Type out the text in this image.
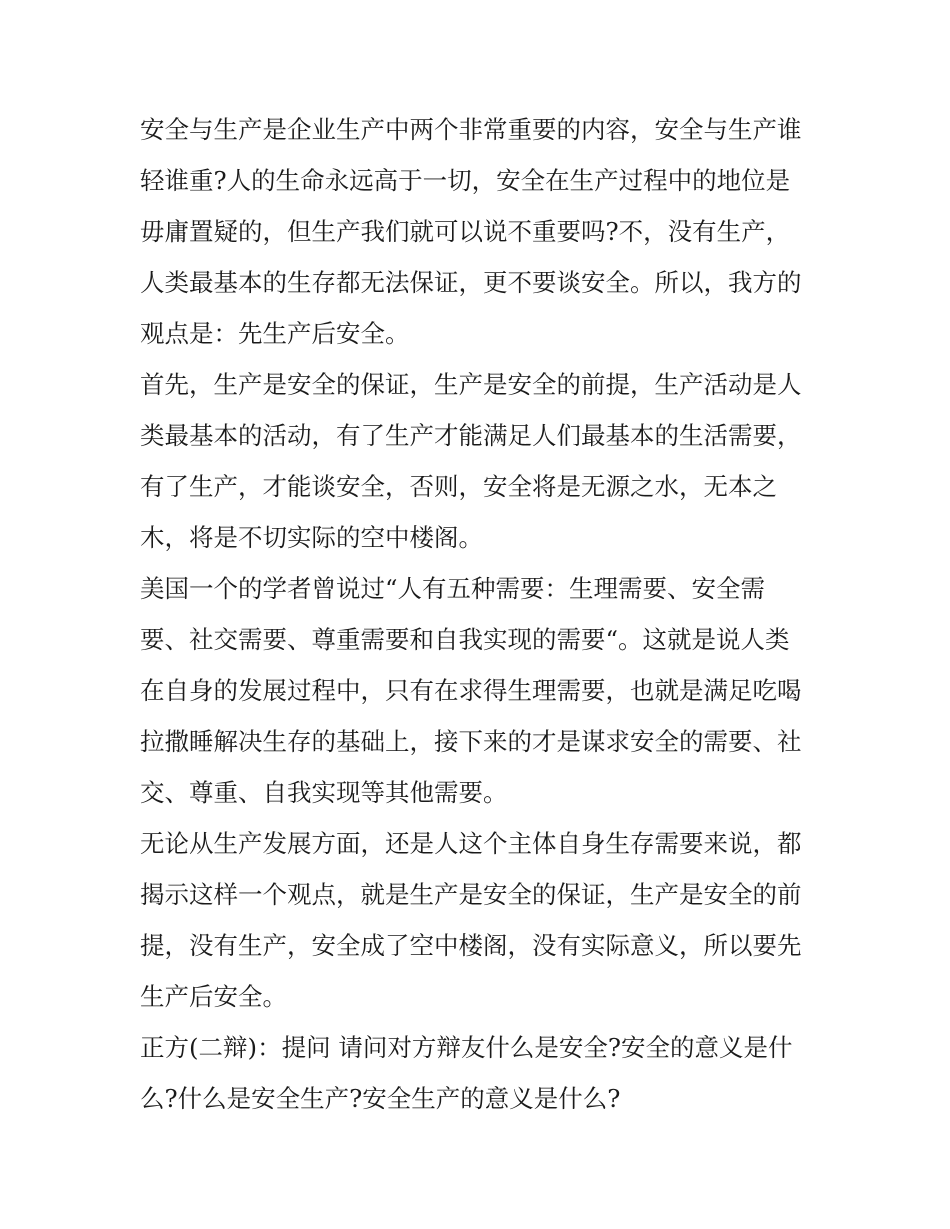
安全与生产是企业生产中两个非常重要的内容，安全与生产谁
轻谁重?人的生命永远高于一切，安全在生产过程中的地位是
毋庸置疑的，但生产我们就可以说不重要吗?不，没有生产，
人类最基本的生存都无法保证，更不要谈安全。所以，我方的
观点是：先生产后安全。
首先，生产是安全的保证，生产是安全的前提，生产活动是人
类最基本的活动，有了生产才能满足人们最基本的生活需要，
有了生产，才能谈安全，否则，安全将是无源之水，无本之
木，将是不切实际的空中楼阁。
美国一个的学者曾说过“人有五种需要：生理需要、安全需
要、社交需要、尊重需要和自我实现的需要“。这就是说人类
在自身的发展过程中，只有在求得生理需要，也就是满足吃喝
拉撒睡解决生存的基础上，接下来的才是谋求安全的需要、社
交、尊重、自我实现等其他需要。
无论从生产发展方面，还是人这个主体自身生存需要来说，都
揭示这样一个观点，就是生产是安全的保证，生产是安全的前
提，没有生产，安全成了空中楼阁，没有实际意义，所以要先
生产后安全。
正方(二辩)：提问 请问对方辩友什么是安全?安全的意义是什
么?什么是安全生产?安全生产的意义是什么?
